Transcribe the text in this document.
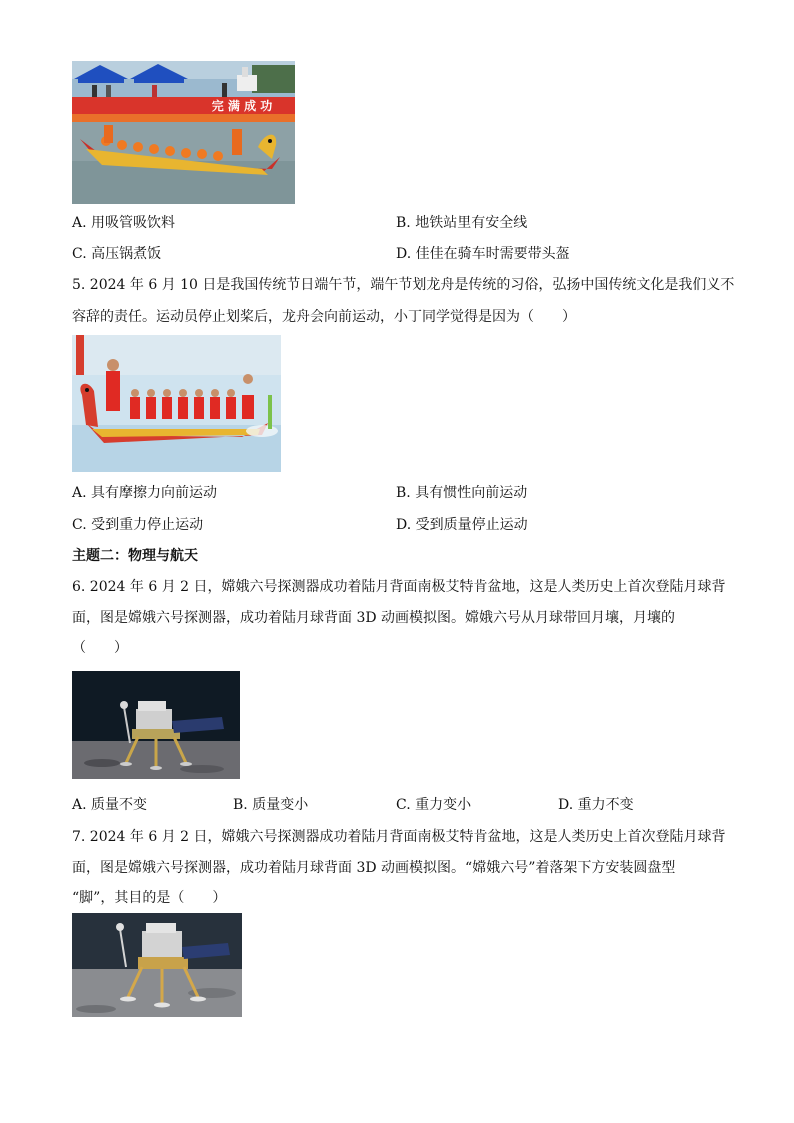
完 满 成 功
A. 用吸管吸饮料	B. 地铁站里有安全线
C. 高压锅煮饭	D. 佳佳在骑车时需要带头盔
5. 2024 年 6 月 10 日是我国传统节日端午节，端午节划龙舟是传统的习俗，弘扬中国传统文化是我们义不
容辞的责任。运动员停止划桨后，龙舟会向前运动，小丁同学觉得是因为（　　）
A. 具有摩擦力向前运动	B. 具有惯性向前运动
C. 受到重力停止运动	D. 受到质量停止运动
主题二：物理与航天
6. 2024 年 6 月 2 日，嫦娥六号探测器成功着陆月背面南极艾特肯盆地，这是人类历史上首次登陆月球背
面，图是嫦娥六号探测器，成功着陆月球背面 3D 动画模拟图。嫦娥六号从月球带回月壤，月壤的
（　　）
A. 质量不变	B. 质量变小	C. 重力变小	D. 重力不变
7. 2024 年 6 月 2 日，嫦娥六号探测器成功着陆月背面南极艾特肯盆地，这是人类历史上首次登陆月球背
面，图是嫦娥六号探测器，成功着陆月球背面 3D 动画模拟图。“嫦娥六号”着落架下方安装圆盘型
“脚”，其目的是（　　）
